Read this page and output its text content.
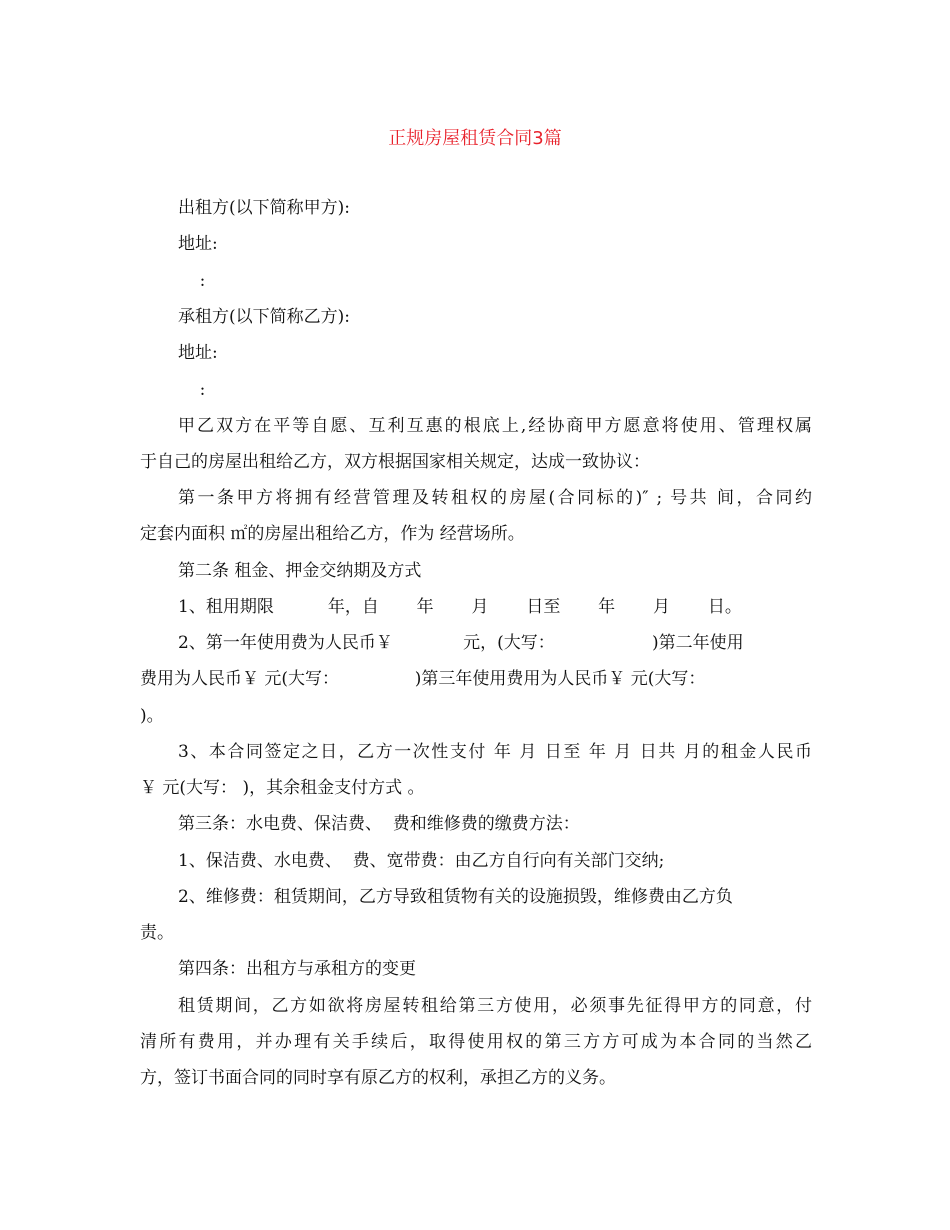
正规房屋租赁合同3篇
出租方(以下简称甲方):
地址:
:
承租方(以下简称乙方):
地址:
:
甲乙双方在平等自愿、互利互惠的根底上,经协商甲方愿意将使用、管理权属
于自己的房屋出租给乙方，双方根据国家相关规定，达成一致协议：
第一条甲方将拥有经营管理及转租权的房屋(合同标的)″ ; 号共 间，合同约
定套内面积 ㎡的房屋出租给乙方，作为 经营场所。
第二条 租金、押金交纳期及方式
1、租用期限          年，自       年       月       日至       年       月       日。
2、第一年使用费为人民币￥             元，(大写：                  )第二年使用
费用为人民币￥ 元(大写：              )第三年使用费用为人民币￥ 元(大写：
)。
3、本合同签定之日，乙方一次性支付 年 月 日至 年 月 日共 月的租金人民币
￥ 元(大写： )，其余租金支付方式 。
第三条：水电费、保洁费、  费和维修费的缴费方法：
1、保洁费、水电费、  费、宽带费：由乙方自行向有关部门交纳;
2、维修费：租赁期间，乙方导致租赁物有关的设施损毁，维修费由乙方负
责。
第四条：出租方与承租方的变更
租赁期间，乙方如欲将房屋转租给第三方使用，必须事先征得甲方的同意，付
清所有费用，并办理有关手续后，取得使用权的第三方方可成为本合同的当然乙
方，签订书面合同的同时享有原乙方的权利，承担乙方的义务。
